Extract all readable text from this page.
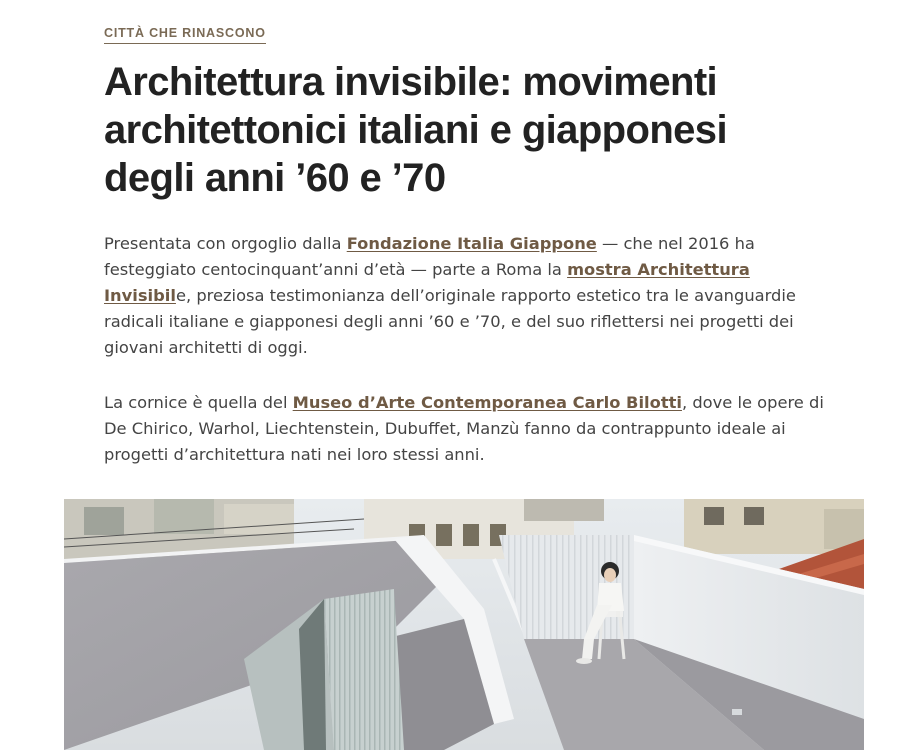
CITTÀ CHE RINASCONO
Architettura invisibile: movimenti architettonici italiani e giapponesi degli anni ’60 e ’70

Presentata con orgoglio dalla Fondazione Italia Giappone — che nel 2016 ha festeggiato centocinquant’anni d’età — parte a Roma la mostra Architettura Invisibile, preziosa testimonianza dell’originale rapporto estetico tra le avanguardie radicali italiane e giapponesi degli anni ’60 e ’70, e del suo riflettersi nei progetti dei giovani architetti di oggi.

La cornice è quella del Museo d’Arte Contemporanea Carlo Bilotti, dove le opere di De Chirico, Warhol, Liechtenstein, Dubuffet, Manzù fanno da contrappunto ideale ai progetti d’architettura nati nei loro stessi anni.
